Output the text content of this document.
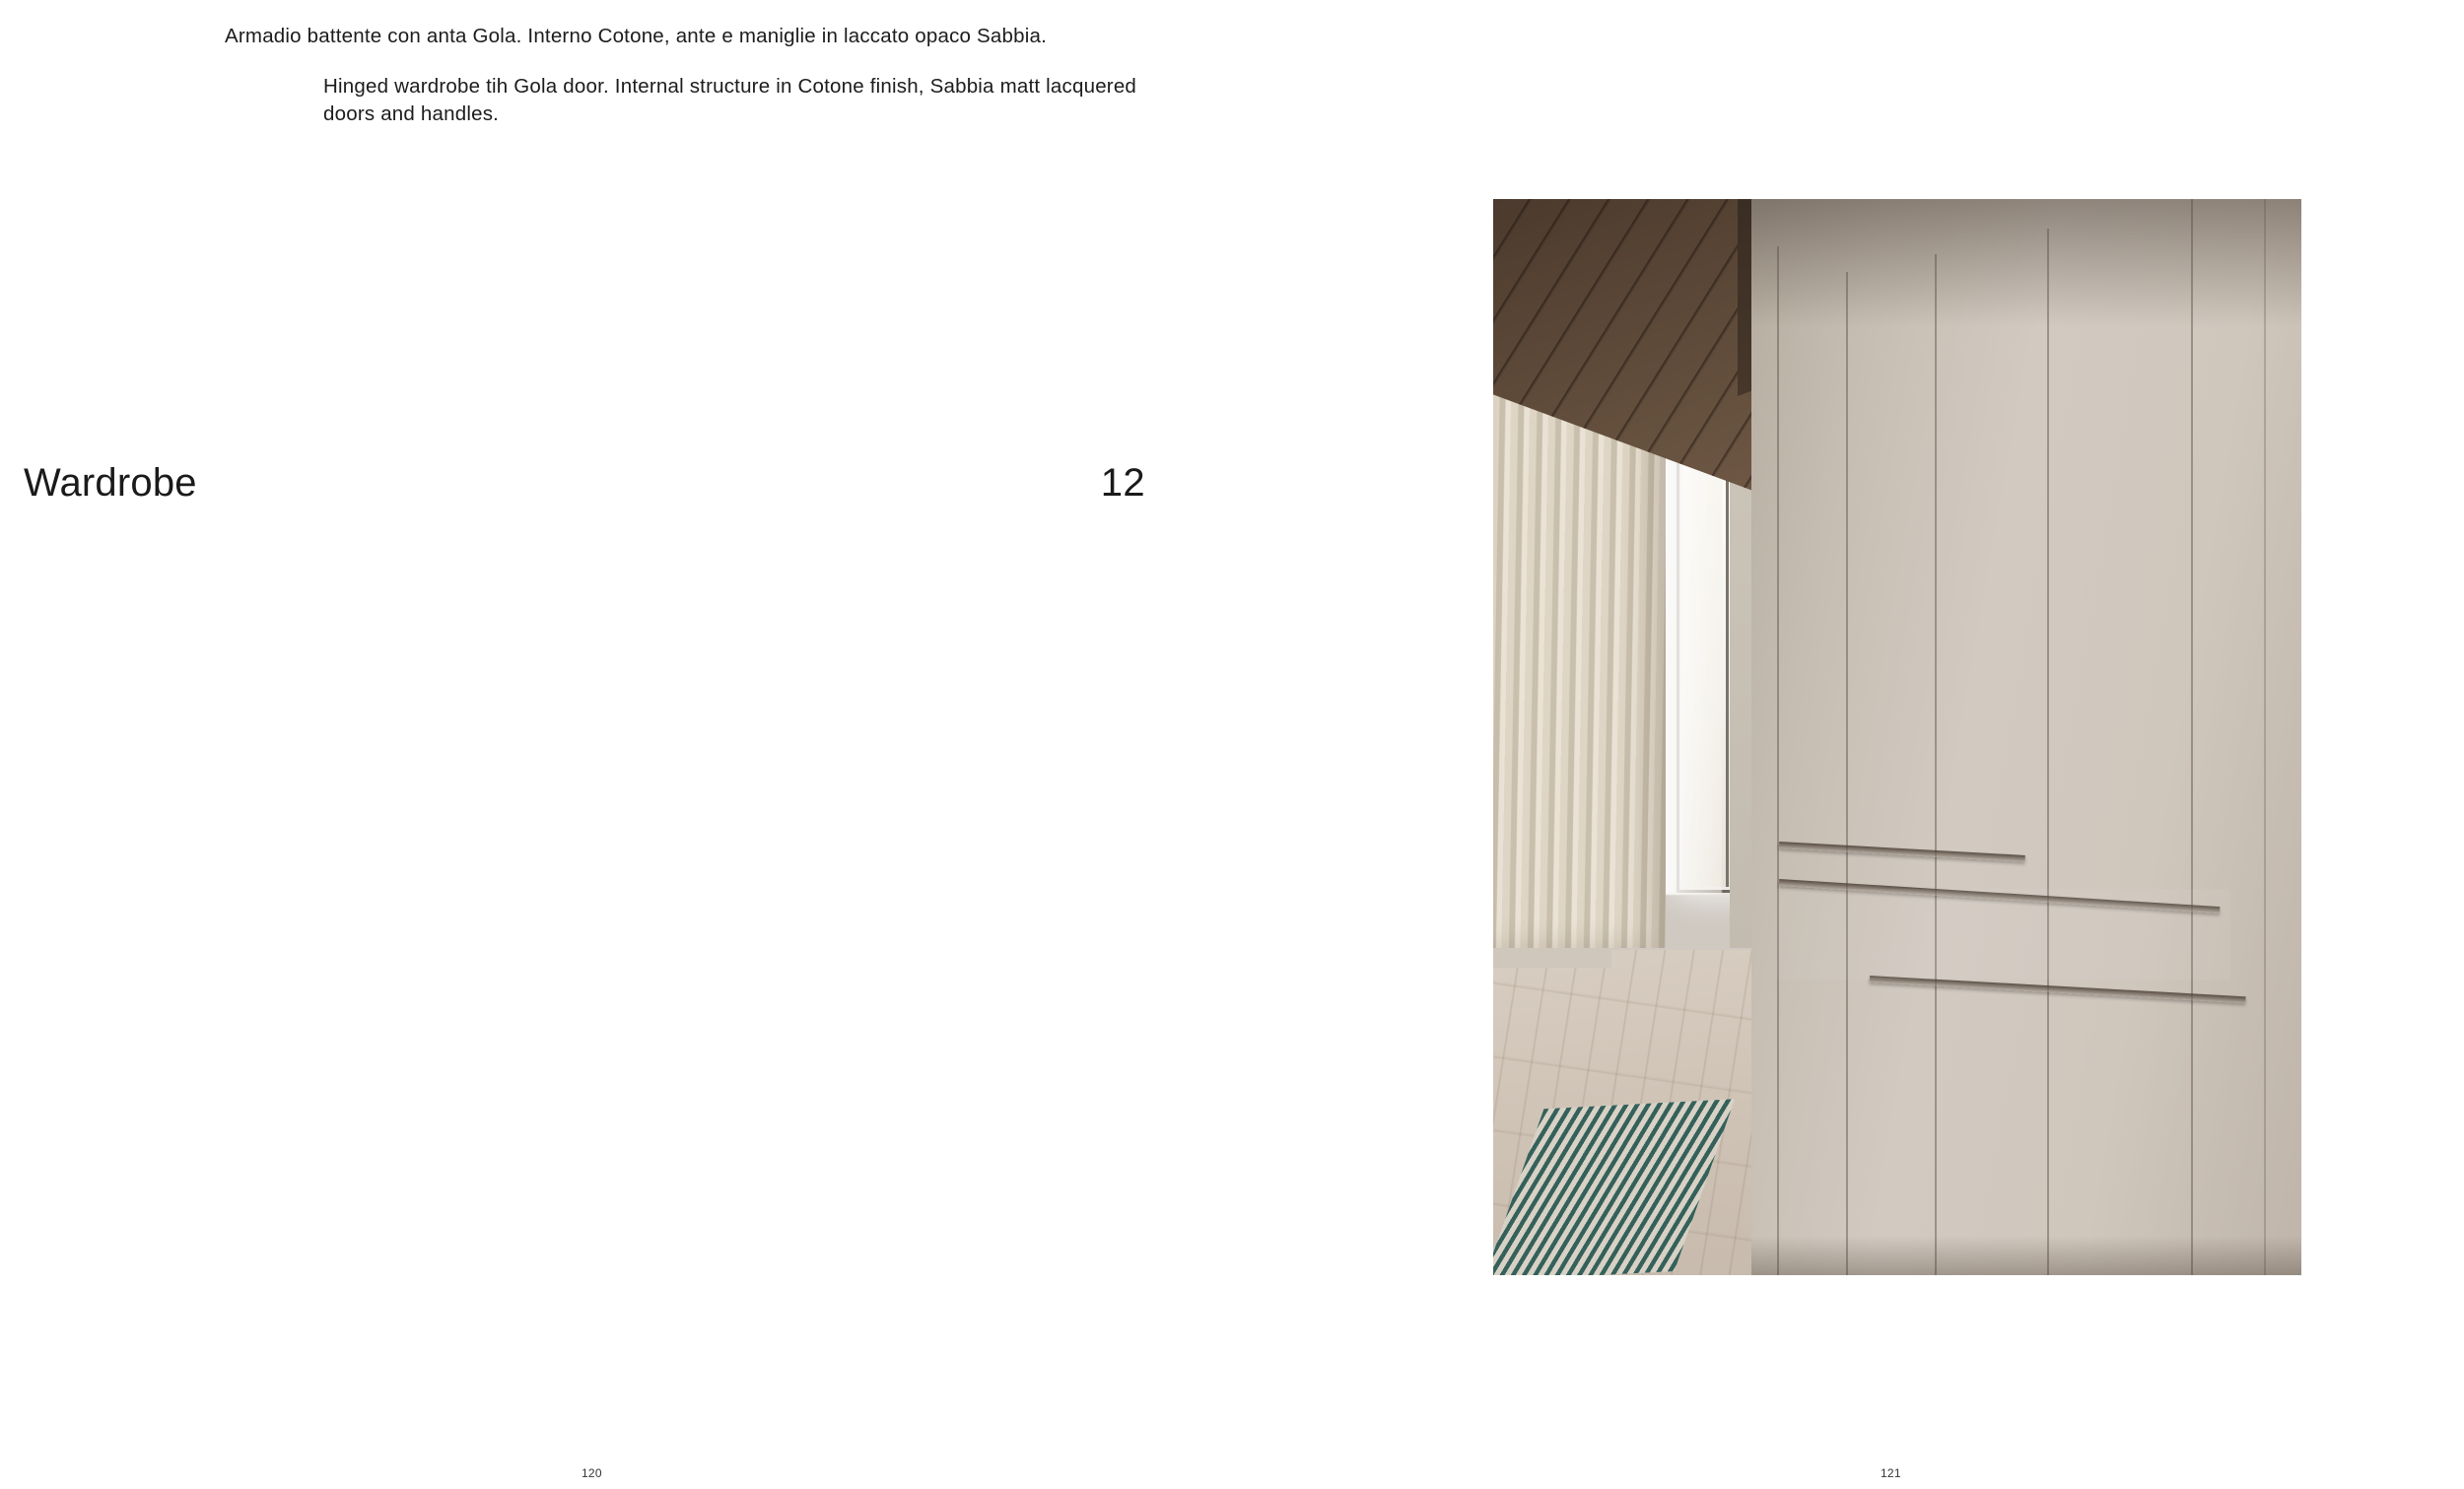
Armadio battente con anta Gola. Interno Cotone, ante e maniglie in laccato opaco Sabbia.
Hinged wardrobe tih Gola door. Internal structure in Cotone finish, Sabbia matt lacquered doors and handles.
Wardrobe	12
120	121
